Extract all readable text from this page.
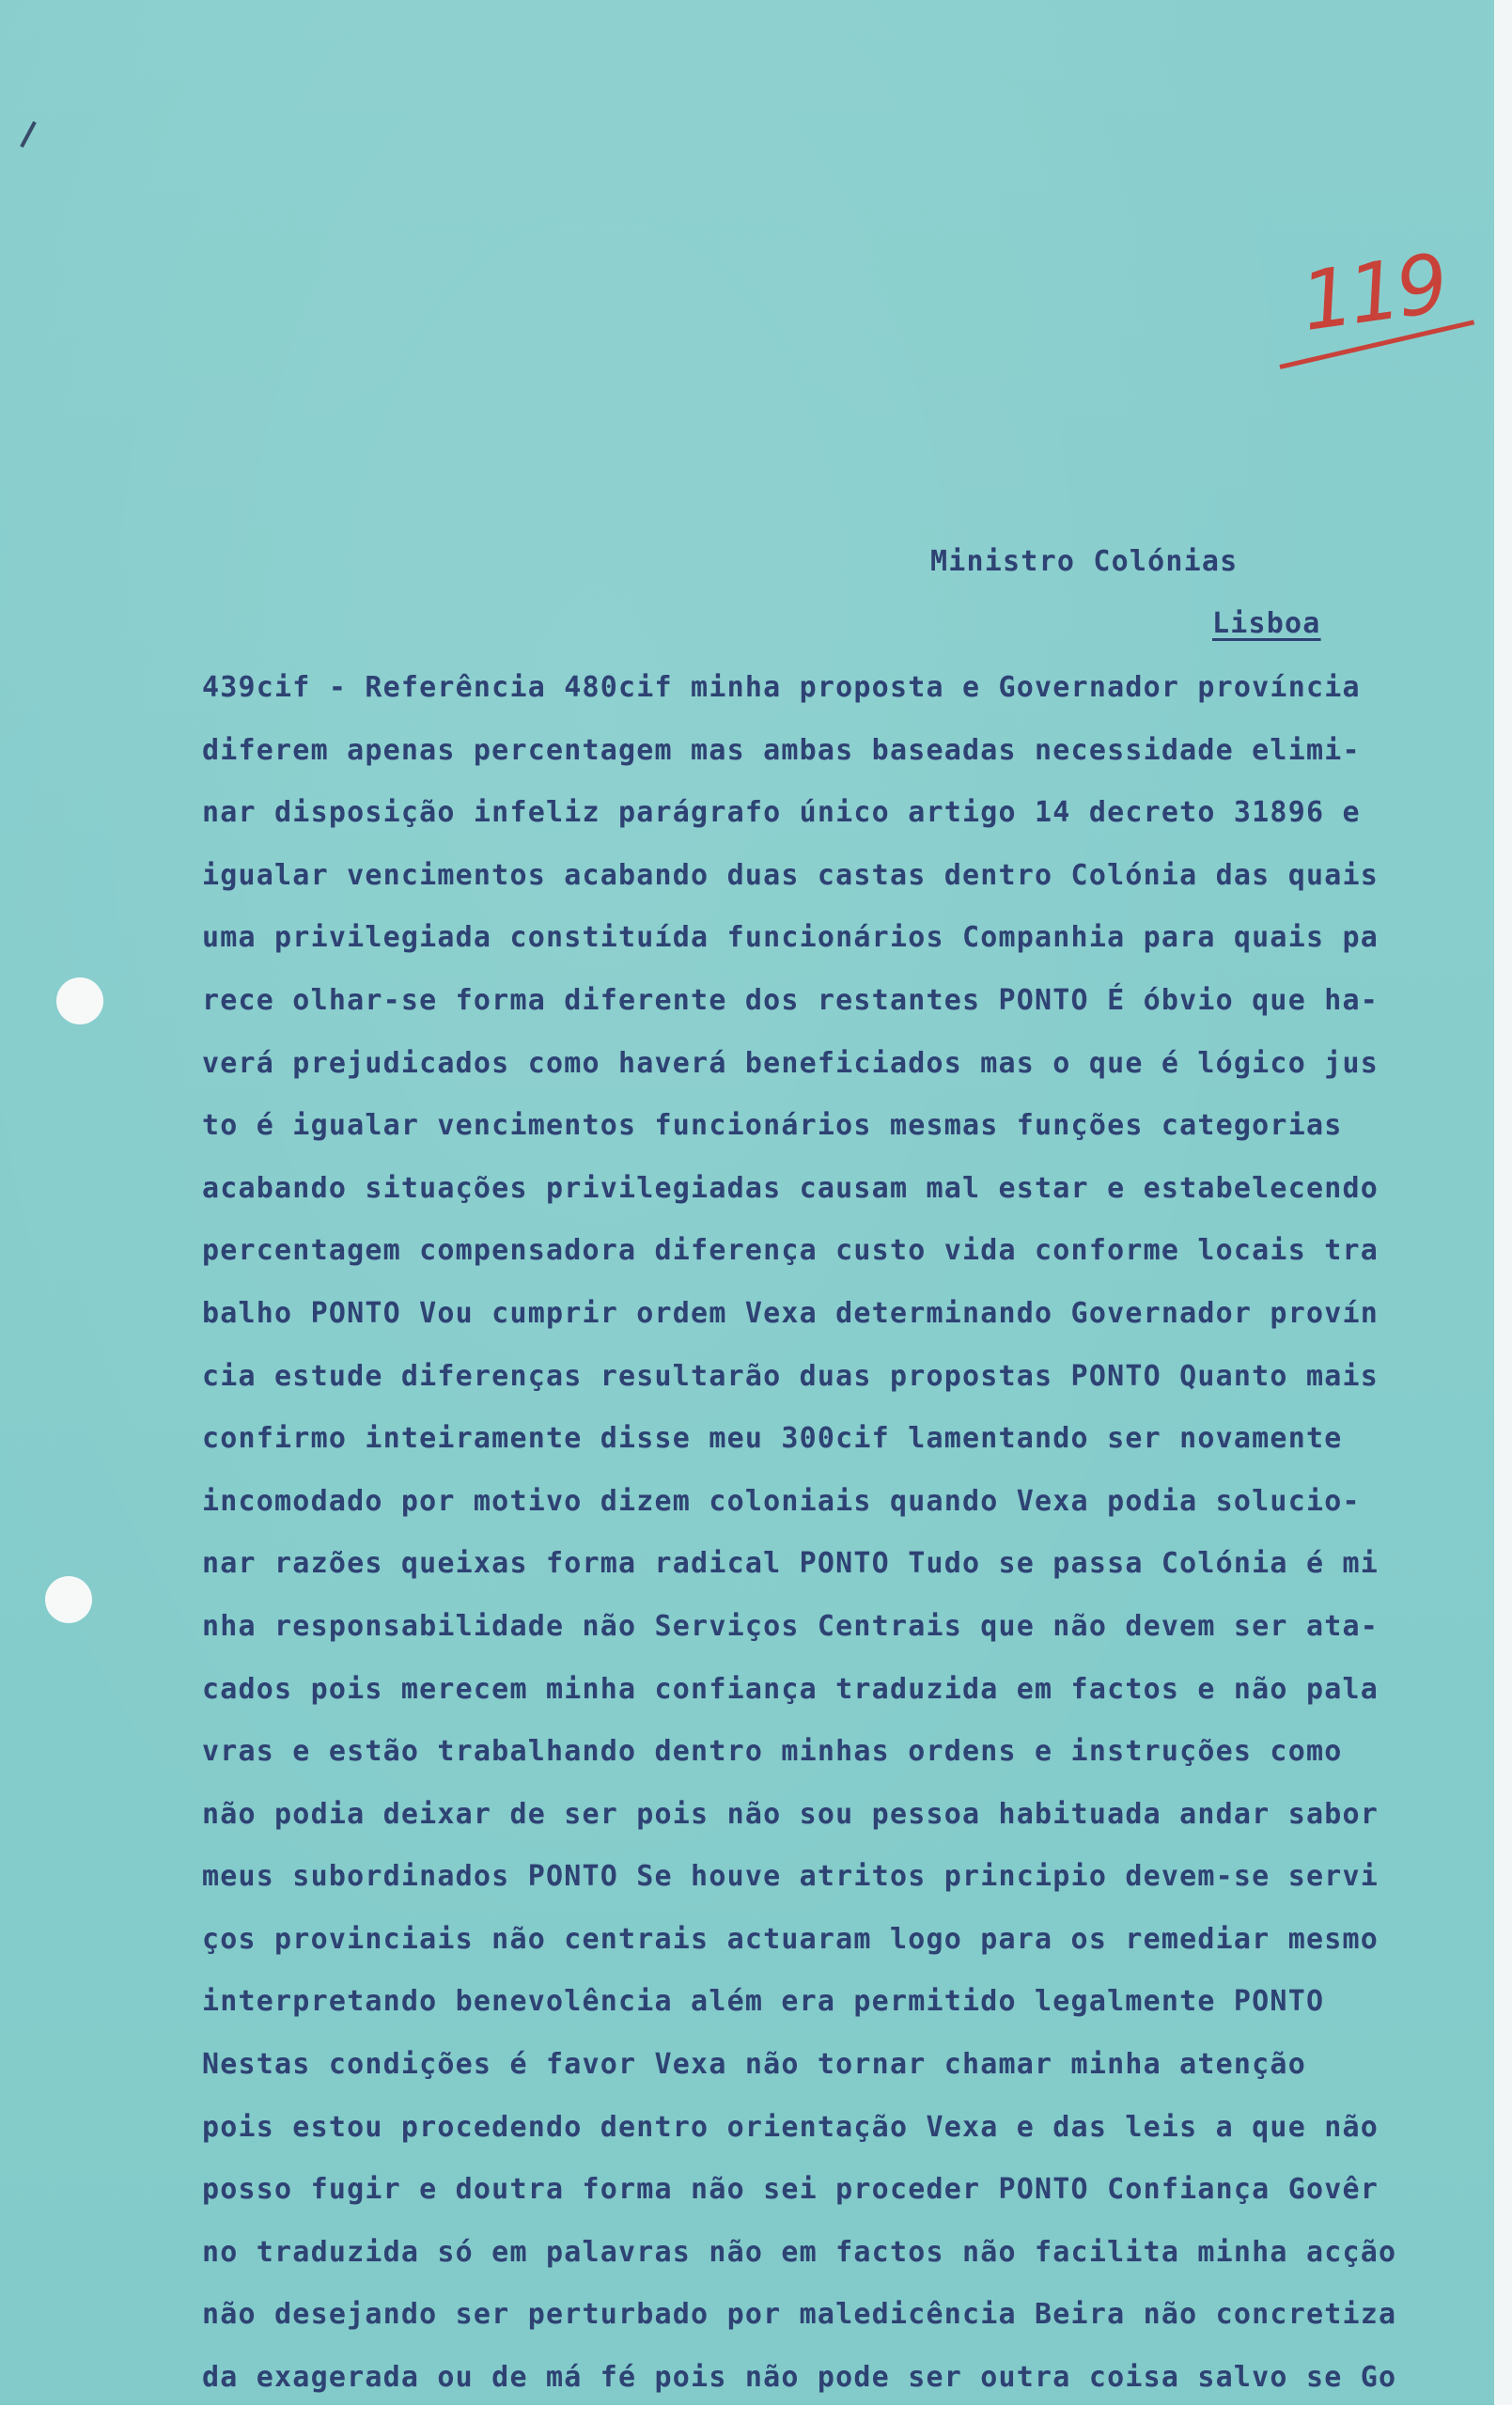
119
Ministro Colónias
Lisboa
439cif - Referência 480cif minha proposta e Governador província
diferem apenas percentagem mas ambas baseadas necessidade elimi-
nar disposição infeliz parágrafo único artigo 14 decreto 31896 e
igualar vencimentos acabando duas castas dentro Colónia das quais
uma privilegiada constituída funcionários Companhia para quais pa
rece olhar-se forma diferente dos restantes PONTO É óbvio que ha-
verá prejudicados como haverá beneficiados mas o que é lógico jus
to é igualar vencimentos funcionários mesmas funções categorias
acabando situações privilegiadas causam mal estar e estabelecendo
percentagem compensadora diferença custo vida conforme locais tra
balho PONTO Vou cumprir ordem Vexa determinando Governador provín
cia estude diferenças resultarão duas propostas PONTO Quanto mais
confirmo inteiramente disse meu 300cif lamentando ser novamente
incomodado por motivo dizem coloniais quando Vexa podia solucio-
nar razões queixas forma radical PONTO Tudo se passa Colónia é mi
nha responsabilidade não Serviços Centrais que não devem ser ata-
cados pois merecem minha confiança traduzida em factos e não pala
vras e estão trabalhando dentro minhas ordens e instruções como
não podia deixar de ser pois não sou pessoa habituada andar sabor
meus subordinados PONTO Se houve atritos principio devem-se servi
ços provinciais não centrais actuaram logo para os remediar mesmo
interpretando benevolência além era permitido legalmente PONTO
Nestas condições é favor Vexa não tornar chamar minha atenção
pois estou procedendo dentro orientação Vexa e das leis a que não
posso fugir e doutra forma não sei proceder PONTO Confiança Govêr
no traduzida só em palavras não em factos não facilita minha acção
não desejando ser perturbado por maledicência Beira não concretiza
da exagerada ou de má fé pois não pode ser outra coisa salvo se Go
